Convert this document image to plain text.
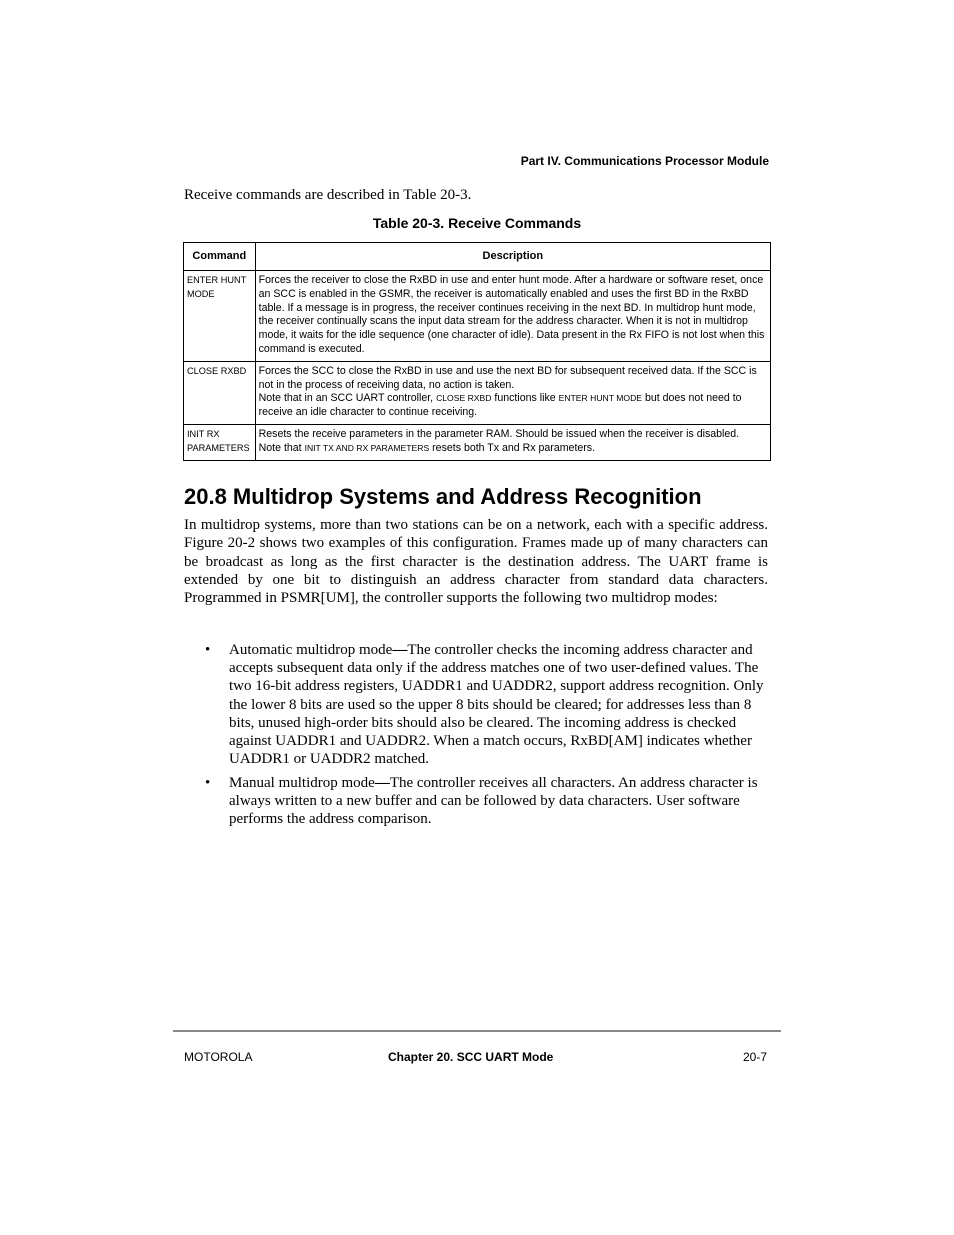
Part IV. Communications Processor Module
Receive commands are described in Table 20-3.
Table 20-3. Receive Commands
Command	Description
ENTER HUNT MODE	Forces the receiver to close the RxBD in use and enter hunt mode. After a hardware or software reset, once an SCC is enabled in the GSMR, the receiver is automatically enabled and uses the first BD in the RxBD table. If a message is in progress, the receiver continues receiving in the next BD. In multidrop hunt mode, the receiver continually scans the input data stream for the address character. When it is not in multidrop mode, it waits for the idle sequence (one character of idle). Data present in the Rx FIFO is not lost when this command is executed.
CLOSE RXBD	Forces the SCC to close the RxBD in use and use the next BD for subsequent received data. If the SCC is not in the process of receiving data, no action is taken.
Note that in an SCC UART controller, CLOSE RXBD functions like ENTER HUNT MODE but does not need to receive an idle character to continue receiving.
INIT RX PARAMETERS	Resets the receive parameters in the parameter RAM. Should be issued when the receiver is disabled.
Note that INIT TX AND RX PARAMETERS resets both Tx and Rx parameters.
20.8 Multidrop Systems and Address Recognition

In multidrop systems, more than two stations can be on a network, each with a specific address. Figure 20-2 shows two examples of this configuration. Frames made up of many characters can be broadcast as long as the first character is the destination address. The UART frame is extended by one bit to distinguish an address character from standard data characters. Programmed in PSMR[UM], the controller supports the following two multidrop modes:

• Automatic multidrop mode—The controller checks the incoming address character and accepts subsequent data only if the address matches one of two user-defined values. The two 16-bit address registers, UADDR1 and UADDR2, support address recognition. Only the lower 8 bits are used so the upper 8 bits should be cleared; for addresses less than 8 bits, unused high-order bits should also be cleared. The incoming address is checked against UADDR1 and UADDR2. When a match occurs, RxBD[AM] indicates whether UADDR1 or UADDR2 matched.
• Manual multidrop mode—The controller receives all characters. An address character is always written to a new buffer and can be followed by data characters. User software performs the address comparison.
MOTOROLA	Chapter 20. SCC UART Mode	20-7
